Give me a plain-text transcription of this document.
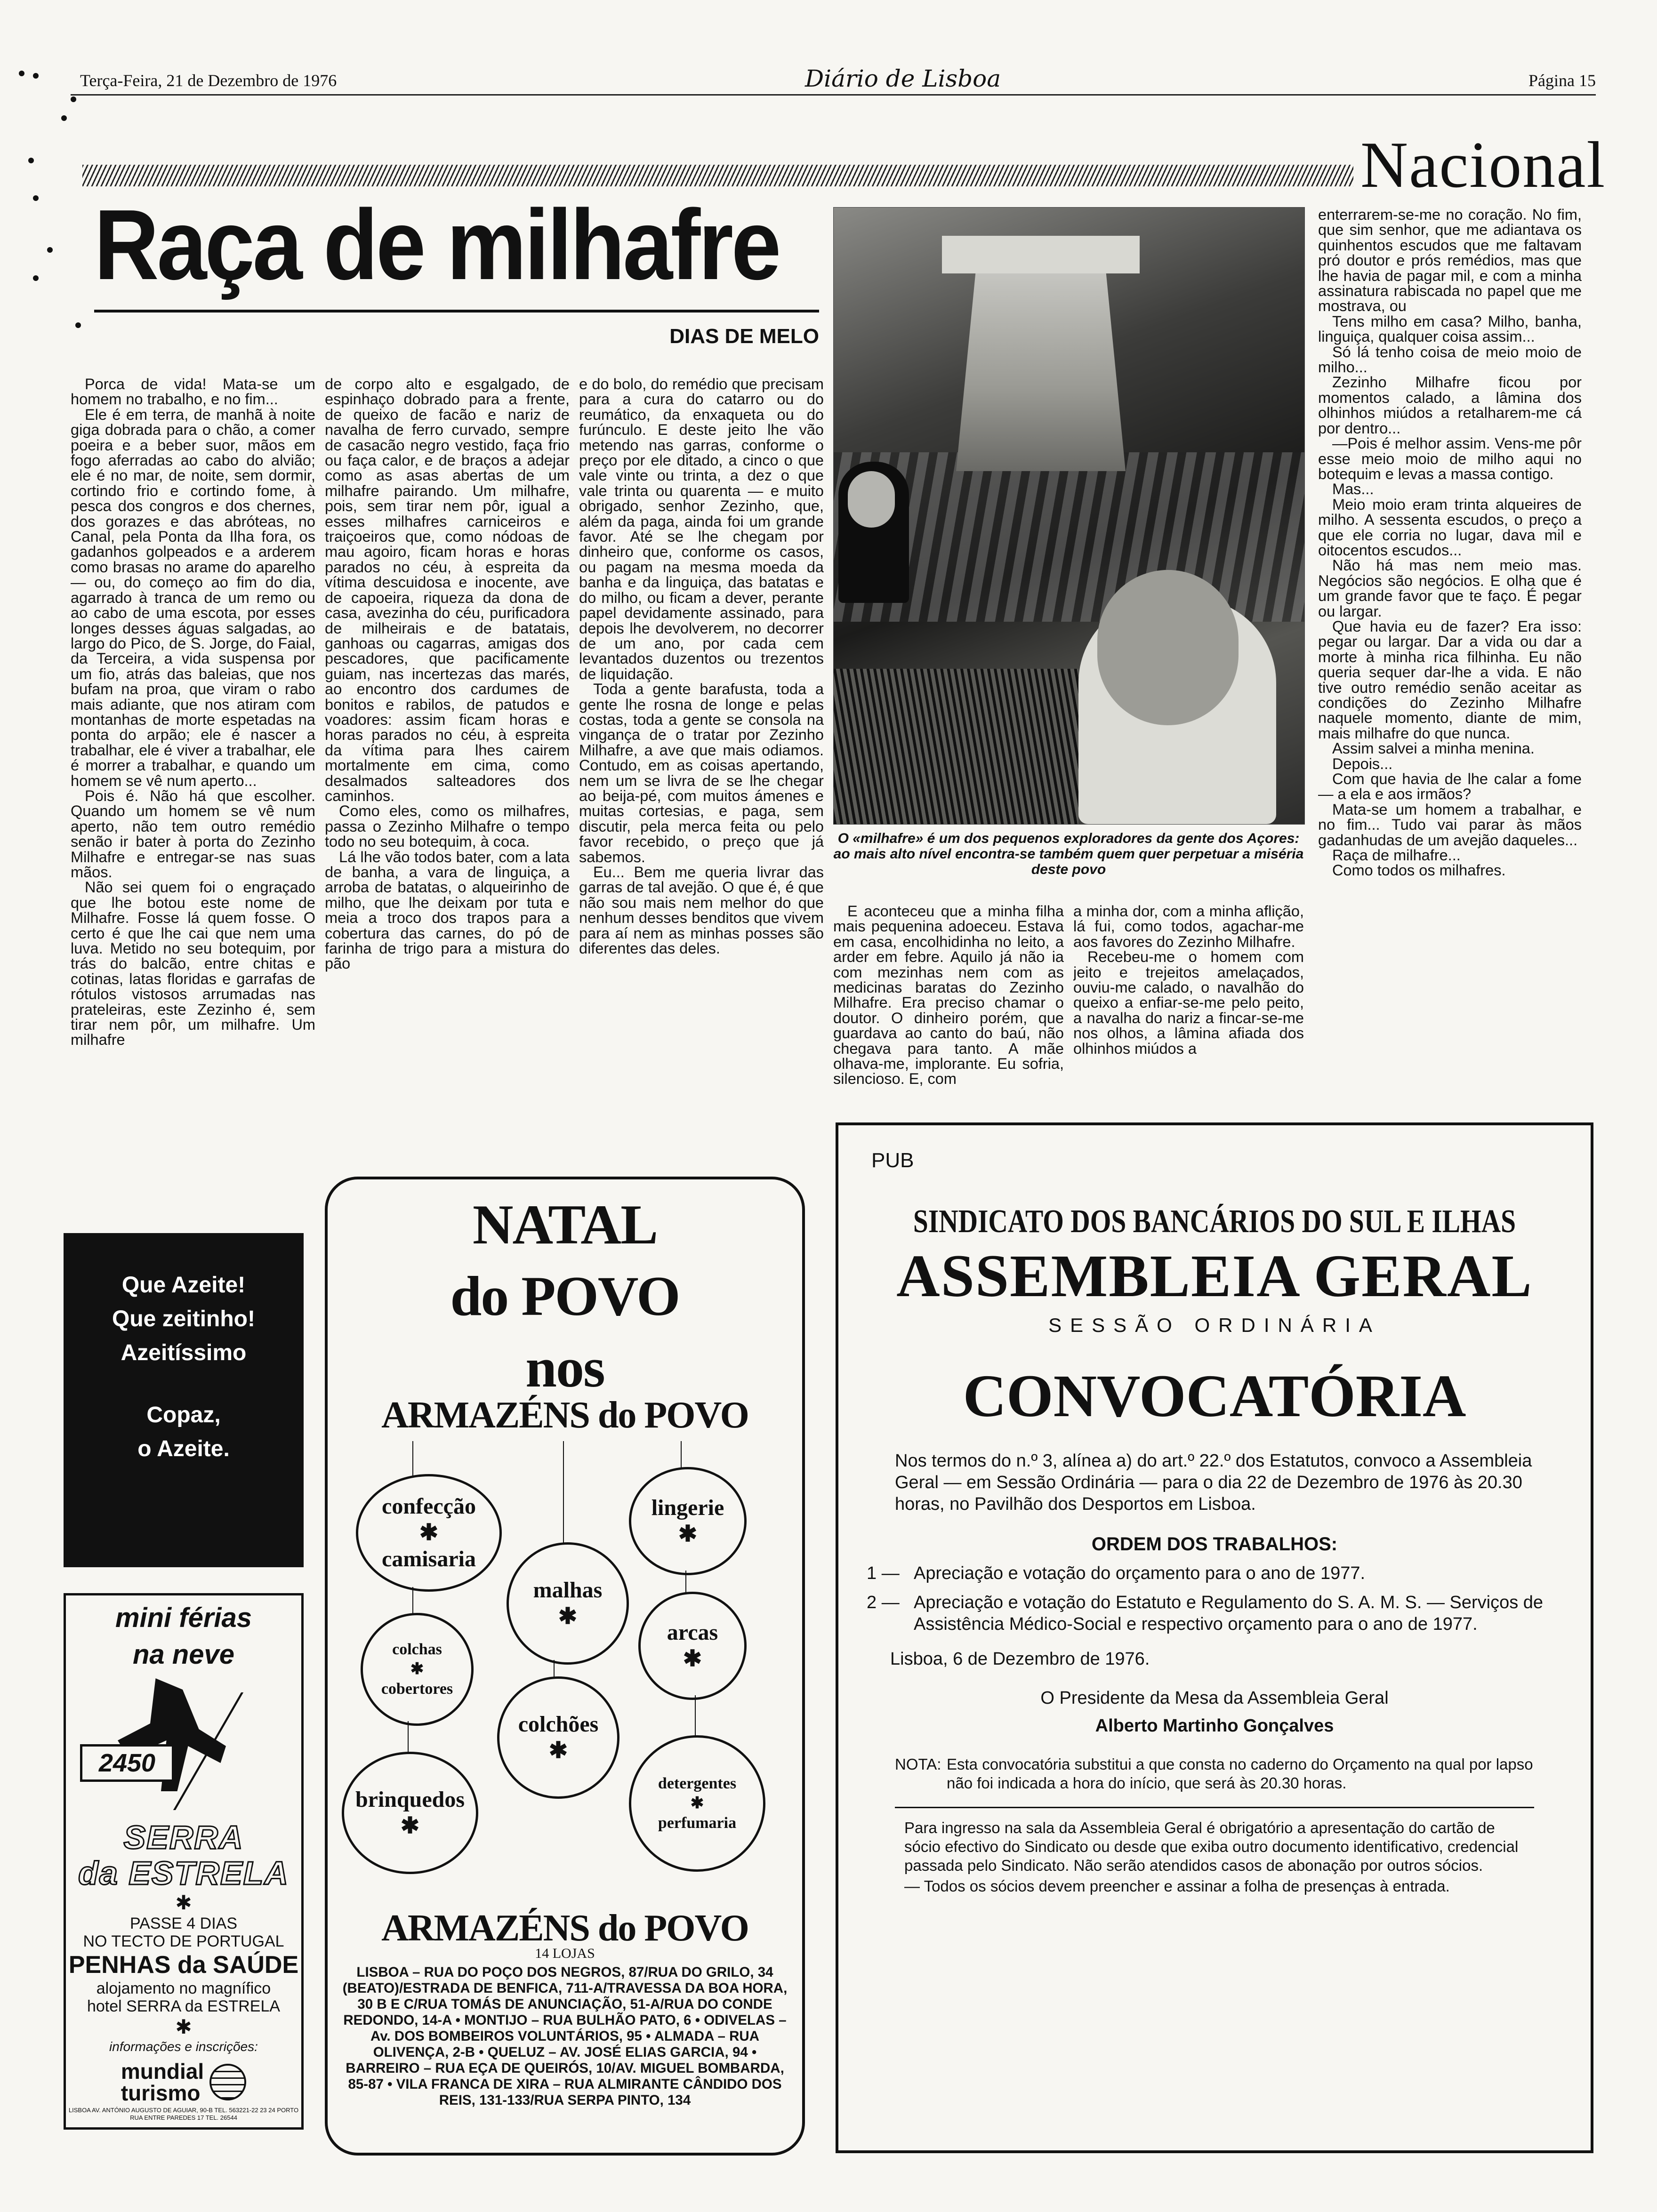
Terça-Feira, 21 de Dezembro de 1976	Diário de Lisboa	Página 15
Nacional
Raça de milhafre
DIAS DE MELO

Porca de vida! Mata-se um homem no trabalho, e no fim...

Ele é em terra, de manhã à noite giga dobrada para o chão, a comer poeira e a beber suor, mãos em fogo aferradas ao cabo do alvião; ele é no mar, de noite, sem dormir, cortindo frio e cortindo fome, à pesca dos congros e dos chernes, dos gorazes e das abróteas, no Canal, pela Ponta da Ilha fora, os gadanhos golpeados e a arderem como brasas no arame do aparelho — ou, do começo ao fim do dia, agarrado à tranca de um remo ou ao cabo de uma escota, por esses longes desses águas salgadas, ao largo do Pico, de S. Jorge, do Faial, da Terceira, a vida suspensa por um fio, atrás das baleias, que nos bufam na proa, que viram o rabo mais adiante, que nos atiram com montanhas de morte espetadas na ponta do arpão; ele é nascer a trabalhar, ele é viver a trabalhar, ele é morrer a trabalhar, e quando um homem se vê num aperto...

Pois é. Não há que escolher. Quando um homem se vê num aperto, não tem outro remédio senão ir bater à porta do Zezinho Milhafre e entregar-se nas suas mãos.

Não sei quem foi o engraçado que lhe botou este nome de Milhafre. Fosse lá quem fosse. O certo é que lhe cai que nem uma luva. Metido no seu botequim, por trás do balcão, entre chitas e cotinas, latas floridas e garrafas de rótulos vistosos arrumadas nas prateleiras, este Zezinho é, sem tirar nem pôr, um milhafre. Um milhafre

de corpo alto e esgalgado, de espinhaço dobrado para a frente, de queixo de facão e nariz de navalha de ferro curvado, sempre de casacão negro vestido, faça frio ou faça calor, e de braços a adejar como as asas abertas de um milhafre pairando. Um milhafre, pois, sem tirar nem pôr, igual a esses milhafres carniceiros e traiçoeiros que, como nódoas de mau agoiro, ficam horas e horas parados no céu, à espreita da vítima descuidosa e inocente, ave de capoeira, riqueza da dona de casa, avezinha do céu, purificadora de milheirais e de batatais, ganhoas ou cagarras, amigas dos pescadores, que pacificamente guiam, nas incertezas das marés, ao encontro dos cardumes de bonitos e rabilos, de patudos e voadores: assim ficam horas e horas parados no céu, à espreita da vítima para lhes cairem mortalmente em cima, como desalmados salteadores dos caminhos.

Como eles, como os milhafres, passa o Zezinho Milhafre o tempo todo no seu botequim, à coca.

Lá lhe vão todos bater, com a lata de banha, a vara de linguiça, a arroba de batatas, o alqueirinho de milho, que lhe deixam por tuta e meia a troco dos trapos para a cobertura das carnes, do pó de farinha de trigo para a mistura do pão

e do bolo, do remédio que precisam para a cura do catarro ou do reumático, da enxaqueta ou do furúnculo. E deste jeito lhe vão metendo nas garras, conforme o preço por ele ditado, a cinco o que vale vinte ou trinta, a dez o que vale trinta ou quarenta — e muito obrigado, senhor Zezinho, que, além da paga, ainda foi um grande favor. Até se lhe chegam por dinheiro que, conforme os casos, ou pagam na mesma moeda da banha e da linguiça, das batatas e do milho, ou ficam a dever, perante papel devidamente assinado, para depois lhe devolverem, no decorrer de um ano, por cada cem levantados duzentos ou trezentos de liquidação.

Toda a gente barafusta, toda a gente lhe rosna de longe e pelas costas, toda a gente se consola na vingança de o tratar por Zezinho Milhafre, a ave que mais odiamos. Contudo, em as coisas apertando, nem um se livra de se lhe chegar ao beija-pé, com muitos ámenes e muitas cortesias, e paga, sem discutir, pela merca feita ou pelo favor recebido, o preço que já sabemos.

Eu... Bem me queria livrar das garras de tal avejão. O que é, é que não sou mais nem melhor do que nenhum desses benditos que vivem para aí nem as minhas posses são diferentes das deles.

O «milhafre» é um dos pequenos exploradores da gente dos Açores: ao mais alto nível encontra-se também quem quer perpetuar a miséria deste povo

E aconteceu que a minha filha mais pequenina adoeceu. Estava em casa, encolhidinha no leito, a arder em febre. Aquilo já não ia com mezinhas nem com as medicinas baratas do Zezinho Milhafre. Era preciso chamar o doutor. O dinheiro porém, que guardava ao canto do baú, não chegava para tanto. A mãe olhava-me, implorante. Eu sofria, silencioso. E, com

a minha dor, com a minha aflição, lá fui, como todos, agachar-me aos favores do Zezinho Milhafre.

Recebeu-me o homem com jeito e trejeitos amelaçados, ouviu-me calado, o navalhão do queixo a enfiar-se-me pelo peito, a navalha do nariz a fincar-se-me nos olhos, a lâmina afiada dos olhinhos miúdos a

enterrarem-se-me no coração. No fim, que sim senhor, que me adiantava os quinhentos escudos que me faltavam pró doutor e prós remédios, mas que lhe havia de pagar mil, e com a minha assinatura rabiscada no papel que me mostrava, ou

Tens milho em casa? Milho, banha, linguiça, qualquer coisa assim...

Só lá tenho coisa de meio moio de milho...

Zezinho Milhafre ficou por momentos calado, a lâmina dos olhinhos miúdos a retalharem-me cá por dentro...

—Pois é melhor assim. Vens-me pôr esse meio moio de milho aqui no botequim e levas a massa contigo.

Mas...

Meio moio eram trinta alqueires de milho. A sessenta escudos, o preço a que ele corria no lugar, dava mil e oitocentos escudos...

Não há mas nem meio mas. Negócios são negócios. E olha que é um grande favor que te faço. É pegar ou largar.

Que havia eu de fazer? Era isso: pegar ou largar. Dar a vida ou dar a morte à minha rica filhinha. Eu não queria sequer dar-lhe a vida. E não tive outro remédio senão aceitar as condições do Zezinho Milhafre naquele momento, diante de mim, mais milhafre do que nunca.

Assim salvei a minha menina.

Depois...

Com que havia de lhe calar a fome — a ela e aos irmãos?

Mata-se um homem a trabalhar, e no fim... Tudo vai parar às mãos gadanhudas de um avejão daqueles...

Raça de milhafre...

Como todos os milhafres.

Que Azeite!
Que zeitinho!
Azeitíssimo
Copaz,
o Azeite.
mini férias
na neve
2450
SERRA
da ESTRELA
✱
PASSE 4 DIAS
NO TECTO DE PORTUGAL
PENHAS da SAÚDE
alojamento no magnífico
hotel SERRA da ESTRELA
✱
informações e inscrições:
mundial
turismo
LISBOA AV. ANTÓNIO AUGUSTO DE AGUIAR, 90-B TEL. 563221-22 23 24 PORTO RUA ENTRE PAREDES 17 TEL. 26544
NATAL
do POVO
nos
ARMAZÉNS do POVO
confecção
✱
camisaria
lingerie
✱
malhas
✱
arcas
✱
colchas
✱
cobertores
colchões
✱
brinquedos
✱
detergentes
✱
perfumaria
ARMAZÉNS do POVO
14 LOJAS
LISBOA – RUA DO POÇO DOS NEGROS, 87/RUA DO GRILO, 34 (BEATO)/ESTRADA DE BENFICA, 711-A/TRAVESSA DA BOA HORA, 30 B E C/RUA TOMÁS DE ANUNCIAÇÃO, 51-A/RUA DO CONDE REDONDO, 14-A • MONTIJO – RUA BULHÃO PATO, 6 • ODIVELAS – Av. DOS BOMBEIROS VOLUNTÁRIOS, 95 • ALMADA – RUA OLIVENÇA, 2-B • QUELUZ – AV. JOSÉ ELIAS GARCIA, 94 • BARREIRO – RUA EÇA DE QUEIRÓS, 10/AV. MIGUEL BOMBARDA, 85-87 • VILA FRANCA DE XIRA – RUA ALMIRANTE CÂNDIDO DOS REIS, 131-133/RUA SERPA PINTO, 134
PUB
SINDICATO DOS BANCÁRIOS DO SUL E ILHAS
ASSEMBLEIA GERAL
SESSÃO ORDINÁRIA
CONVOCATÓRIA
Nos termos do n.º 3, alínea a) do art.º 22.º dos Estatutos, convoco a Assembleia Geral — em Sessão Ordinária — para o dia 22 de Dezembro de 1976 às 20.30 horas, no Pavilhão dos Desportos em Lisboa.
ORDEM DOS TRABALHOS:
1 — Apreciação e votação do orçamento para o ano de 1977.
2 — Apreciação e votação do Estatuto e Regulamento do S. A. M. S. — Serviços de Assistência Médico-Social e respectivo orçamento para o ano de 1977.
Lisboa, 6 de Dezembro de 1976.
O Presidente da Mesa da Assembleia Geral
Alberto Martinho Gonçalves
NOTA: Esta convocatória substitui a que consta no caderno do Orçamento na qual por lapso não foi indicada a hora do início, que será às 20.30 horas.
Para ingresso na sala da Assembleia Geral é obrigatório a apresentação do cartão de sócio efectivo do Sindicato ou desde que exiba outro documento identificativo, credencial passada pelo Sindicato. Não serão atendidos casos de abonação por outros sócios.
— Todos os sócios devem preencher e assinar a folha de presenças à entrada.
